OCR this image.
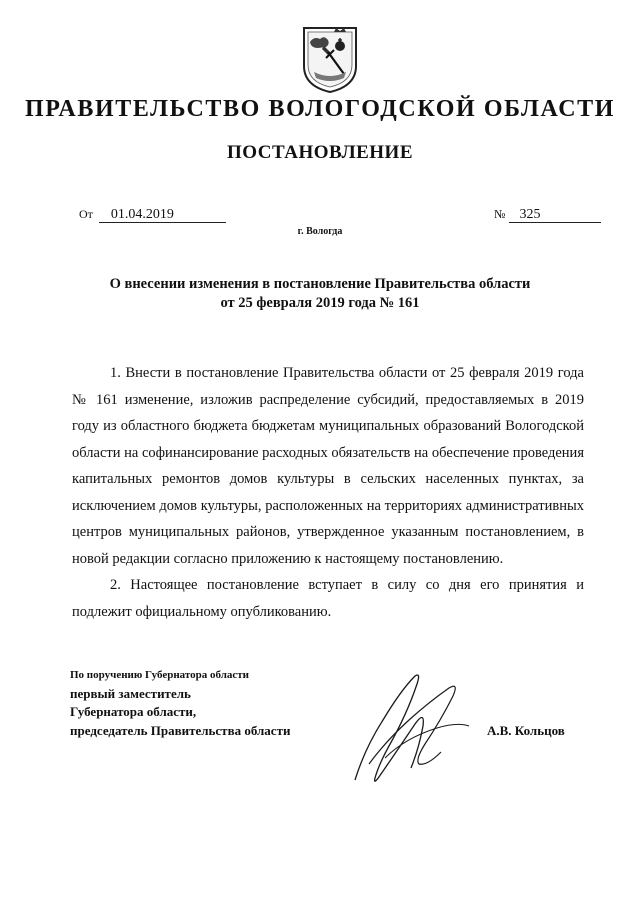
ПРАВИТЕЛЬСТВО ВОЛОГОДСКОЙ ОБЛАСТИ
ПОСТАНОВЛЕНИЕ
От 01.04.2019	№ 325
г. Вологда
О внесении изменения в постановление Правительства области
от 25 февраля 2019 года № 161

1. Внести в постановление Правительства области от 25 февраля 2019 года № 161 изменение, изложив распределение субсидий, предоставляемых в 2019 году из областного бюджета бюджетам муниципальных образований Вологодской области на софинансирование расходных обязательств на обеспечение проведения капитальных ремонтов домов культуры в сельских населенных пунктах, за исключением домов культуры, расположенных на территориях административных центров муниципальных районов, утвержденное указанным постановлением, в новой редакции согласно приложению к настоящему постановлению.

2. Настоящее постановление вступает в силу со дня его принятия и подлежит официальному опубликованию.

По поручению Губернатора области
первый заместитель
Губернатора области,
председатель Правительства области	А.В. Кольцов
